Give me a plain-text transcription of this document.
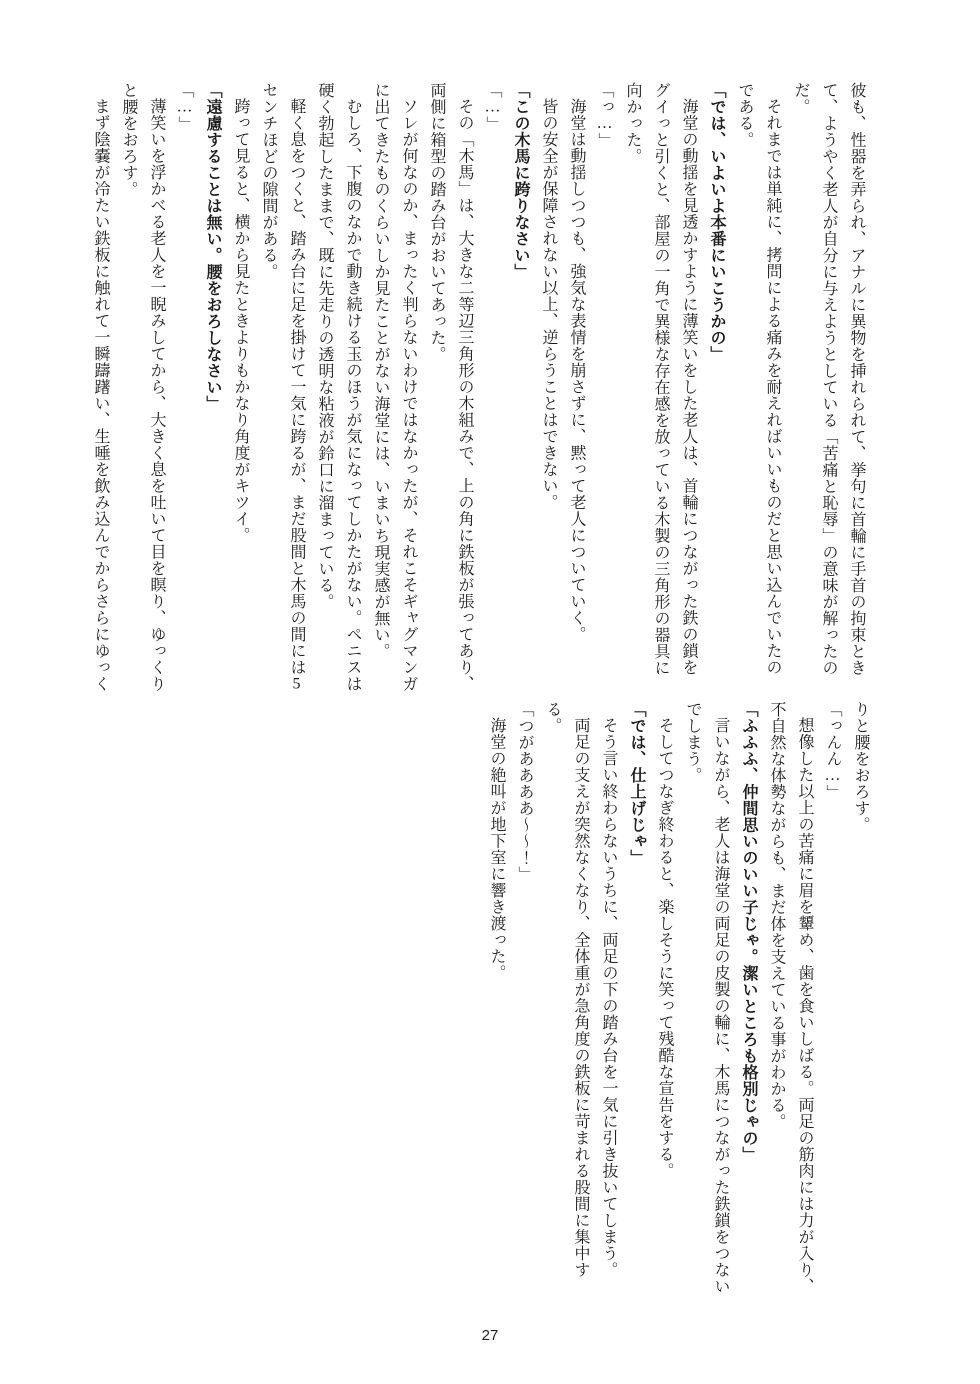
彼も、性器を弄られ、アナルに異物を挿れられて、挙句に首輪に手首の拘束とき

て、ようやく老人が自分に与えようとしている「苦痛と恥辱」の意味が解ったの

だ。

それまでは単純に、拷問による痛みを耐えればいいものだと思い込んでいたの

である。

「では、いよいよ本番にいこうかの」

海堂の動揺を見透かすように薄笑いをした老人は、首輪につながった鉄の鎖を

グイっと引くと、部屋の一角で異様な存在感を放っている木製の三角形の器具に

向かった。

「っ…」

海堂は動揺しつつも、強気な表情を崩さずに、黙って老人についていく。

皆の安全が保障されない以上、逆らうことはできない。

「この木馬に跨りなさい」

「…」

その「木馬」は、大きな二等辺三角形の木組みで、上の角に鉄板が張ってあり、

両側に箱型の踏み台がおいてあった。

ソレが何なのか、まったく判らないわけではなかったが、それこそギャグマンガ

に出てきたものくらいしか見たことがない海堂には、いまいち現実感が無い。

むしろ、下腹のなかで動き続ける玉のほうが気になってしかたがない。ペニスは

硬く勃起したままで、既に先走りの透明な粘液が鈴口に溜まっている。

軽く息をつくと、踏み台に足を掛けて一気に跨るが、まだ股間と木馬の間には5

センチほどの隙間がある。

跨って見ると、横から見たときよりもかなり角度がキツイ。

「遠慮することは無い。腰をおろしなさい」

「…」

薄笑いを浮かべる老人を一睨みしてから、大きく息を吐いて目を瞑り、ゆっくり

と腰をおろす。

まず陰嚢が冷たい鉄板に触れて一瞬躊躇い、生唾を飲み込んでからさらにゆっく

りと腰をおろす。

「っんん…」

想像した以上の苦痛に眉を顰め、歯を食いしばる。両足の筋肉には力が入り、

不自然な体勢ながらも、まだ体を支えている事がわかる。

「ふふふ、仲間思いのいい子じゃ。潔いところも格別じゃの」

言いながら、老人は海堂の両足の皮製の輪に、木馬につながった鉄鎖をつない

でしまう。

そしてつなぎ終わると、楽しそうに笑って残酷な宣告をする。

「では、仕上げじゃ」

そう言い終わらないうちに、両足の下の踏み台を一気に引き抜いてしまう。

両足の支えが突然なくなり、全体重が急角度の鉄板に苛まれる股間に集中す

る。

「つがああああ〜〜！」

海堂の絶叫が地下室に響き渡った。

27
